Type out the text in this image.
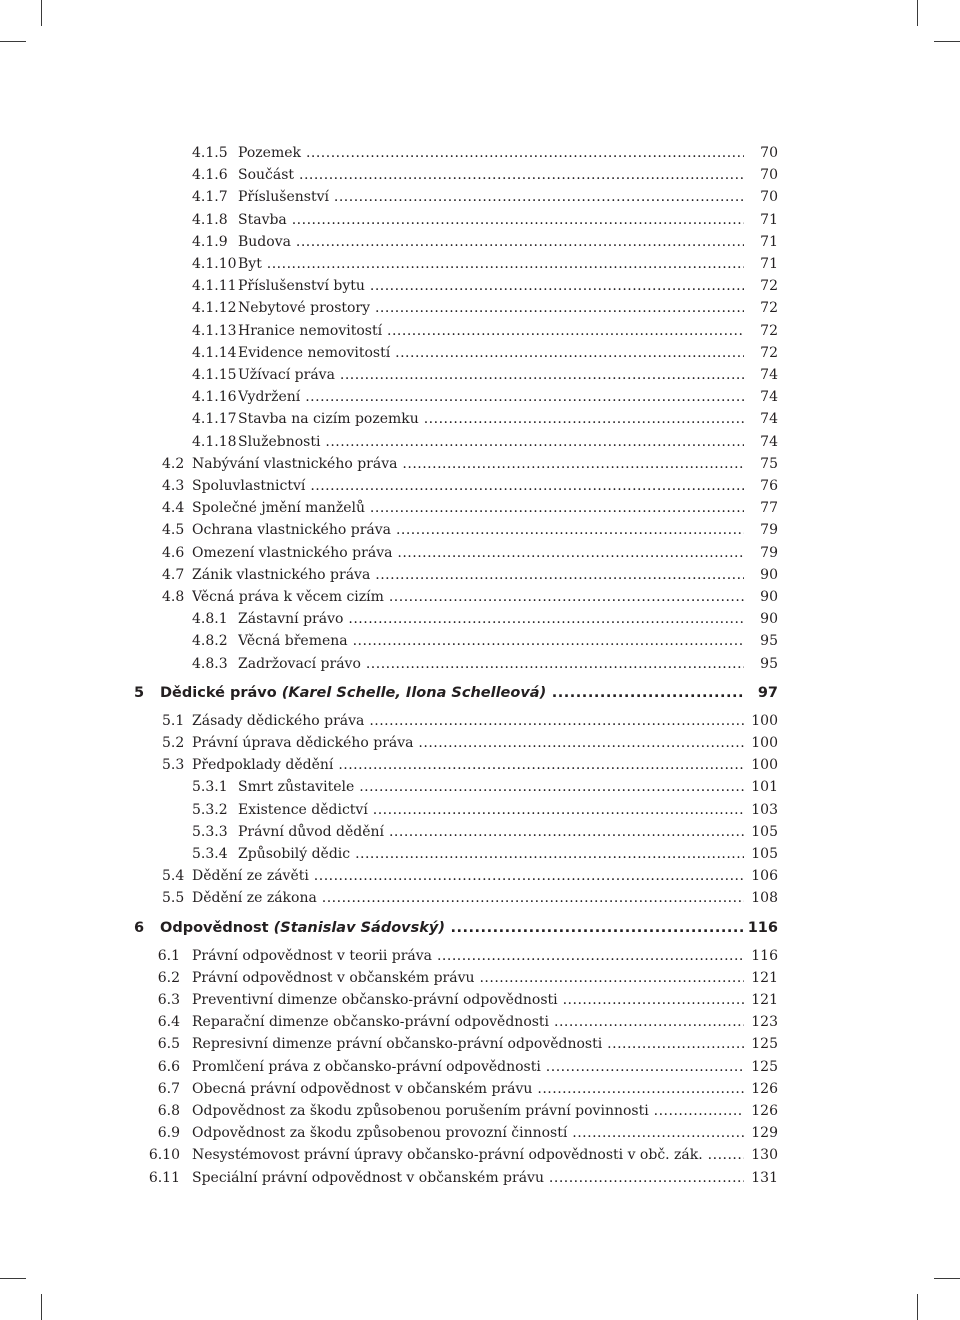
4.1.5 Pozemek .....	70
4.1.6 Součást .....	70
4.1.7 Příslušenství .....	70
4.1.8 Stavba .....	71
4.1.9 Budova .....	71
4.1.10 Byt .....	71
4.1.11 Příslušenství bytu .....	72
4.1.12 Nebytové prostory .....	72
4.1.13 Hranice nemovitostí .....	72
4.1.14 Evidence nemovitostí .....	72
4.1.15 Užívací práva .....	74
4.1.16 Vydržení .....	74
4.1.17 Stavba na cizím pozemku .....	74
4.1.18 Služebnosti .....	74
4.2 Nabývání vlastnického práva .....	75
4.3 Spoluvlastnictví .....	76
4.4 Společné jmění manželů .....	77
4.5 Ochrana vlastnického práva .....	79
4.6 Omezení vlastnického práva .....	79
4.7 Zánik vlastnického práva .....	90
4.8 Věcná práva k věcem cizím .....	90
4.8.1 Zástavní právo .....	90
4.8.2 Věcná břemena .....	95
4.8.3 Zadržovací právo .....	95
5 Dědické právo (Karel Schelle, Ilona Schelleová) .....	97
5.1 Zásady dědického práva .....	100
5.2 Právní úprava dědického práva .....	100
5.3 Předpoklady dědění .....	100
5.3.1 Smrt zůstavitele .....	101
5.3.2 Existence dědictví .....	103
5.3.3 Právní důvod dědění .....	105
5.3.4 Způsobilý dědic .....	105
5.4 Dědění ze závěti .....	106
5.5 Dědění ze zákona .....	108
6 Odpovědnost (Stanislav Sádovský) .....	116
6.1 Právní odpovědnost v teorii práva .....	116
6.2 Právní odpovědnost v občanském právu .....	121
6.3 Preventivní dimenze občansko-právní odpovědnosti .....	121
6.4 Reparační dimenze občansko-právní odpovědnosti .....	123
6.5 Represivní dimenze právní občansko-právní odpovědnosti .....	125
6.6 Promlčení práva z občansko-právní odpovědnosti .....	125
6.7 Obecná právní odpovědnost v občanském právu .....	126
6.8 Odpovědnost za škodu způsobenou porušením právní povinnosti .....	126
6.9 Odpovědnost za škodu způsobenou provozní činností .....	129
6.10 Nesystémovost právní úpravy občansko-právní odpovědnosti v obč. zák. .....	130
6.11 Speciální právní odpovědnost v občanském právu .....	131
